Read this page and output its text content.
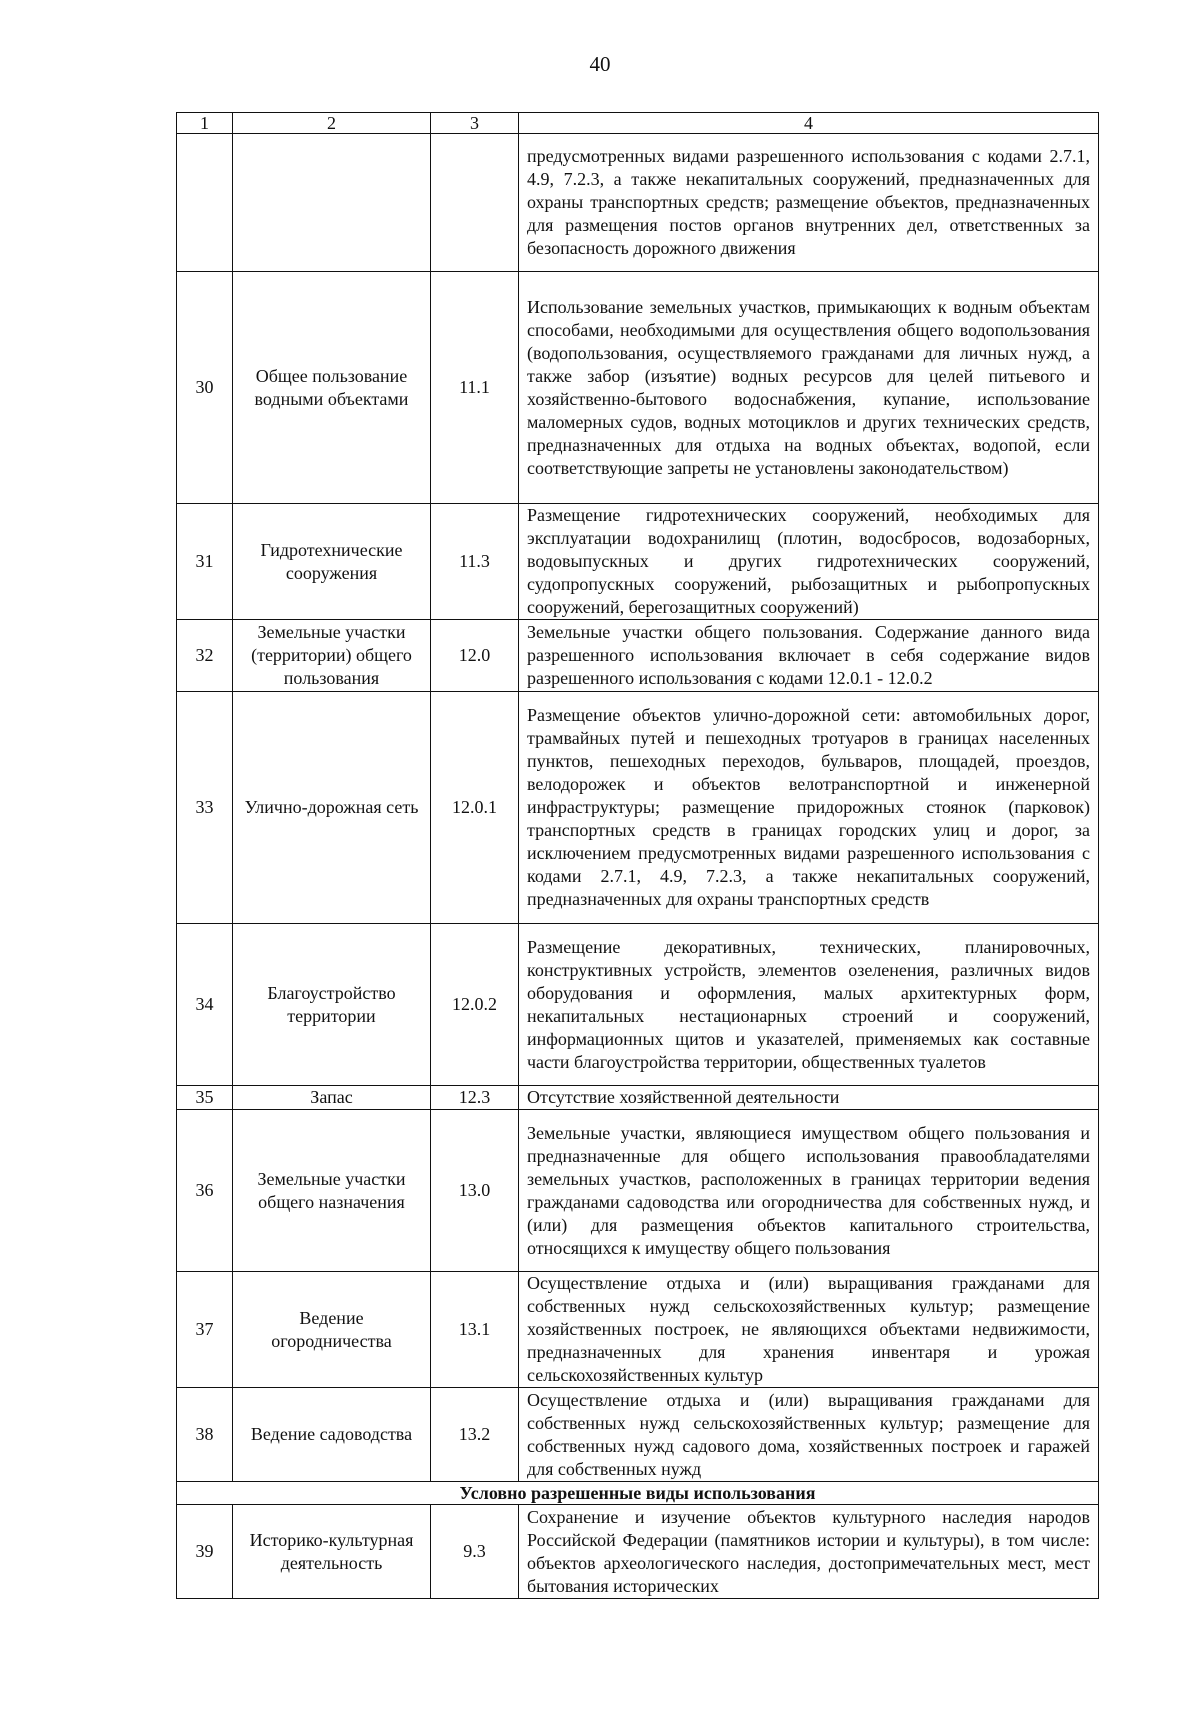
40
1	2	3	4
			предусмотренных видами разрешенного использования с кодами 2.7.1, 4.9, 7.2.3, а также некапитальных сооружений, предназначенных для охраны транспортных средств; размещение объектов, предназначенных для размещения постов органов внутренних дел, ответственных за безопасность дорожного движения
30	Общее пользование водными объектами	11.1	Использование земельных участков, примыкающих к водным объектам способами, необходимыми для осуществления общего водопользования (водопользования, осуществляемого гражданами для личных нужд, а также забор (изъятие) водных ресурсов для целей питьевого и хозяйственно-бытового водоснабжения, купание, использование маломерных судов, водных мотоциклов и других технических средств, предназначенных для отдыха на водных объектах, водопой, если соответствующие запреты не установлены законодательством)
31	Гидротехнические сооружения	11.3	Размещение гидротехнических сооружений, необходимых для эксплуатации водохранилищ (плотин, водосбросов, водозаборных, водовыпускных и других гидротехнических сооружений, судопропускных сооружений, рыбозащитных и рыбопропускных сооружений, берегозащитных сооружений)
32	Земельные участки (территории) общего пользования	12.0	Земельные участки общего пользования. Содержание данного вида разрешенного использования включает в себя содержание видов разрешенного использования с кодами 12.0.1 - 12.0.2
33	Улично-дорожная сеть	12.0.1	Размещение объектов улично-дорожной сети: автомобильных дорог, трамвайных путей и пешеходных тротуаров в границах населенных пунктов, пешеходных переходов, бульваров, площадей, проездов, велодорожек и объектов велотранспортной и инженерной инфраструктуры; размещение придорожных стоянок (парковок) транспортных средств в границах городских улиц и дорог, за исключением предусмотренных видами разрешенного использования с кодами 2.7.1, 4.9, 7.2.3, а также некапитальных сооружений, предназначенных для охраны транспортных средств
34	Благоустройство территории	12.0.2	Размещение декоративных, технических, планировочных, конструктивных устройств, элементов озеленения, различных видов оборудования и оформления, малых архитектурных форм, некапитальных нестационарных строений и сооружений, информационных щитов и указателей, применяемых как составные части благоустройства территории, общественных туалетов
35	Запас	12.3	Отсутствие хозяйственной деятельности
36	Земельные участки общего назначения	13.0	Земельные участки, являющиеся имуществом общего пользования и предназначенные для общего использования правообладателями земельных участков, расположенных в границах территории ведения гражданами садоводства или огородничества для собственных нужд, и (или) для размещения объектов капитального строительства, относящихся к имуществу общего пользования
37	Ведение огородничества	13.1	Осуществление отдыха и (или) выращивания гражданами для собственных нужд сельскохозяйственных культур; размещение хозяйственных построек, не являющихся объектами недвижимости, предназначенных для хранения инвентаря и урожая сельскохозяйственных культур
38	Ведение садоводства	13.2	Осуществление отдыха и (или) выращивания гражданами для собственных нужд сельскохозяйственных культур; размещение для собственных нужд садового дома, хозяйственных построек и гаражей для собственных нужд
Условно разрешенные виды использования			
39	Историко-культурная деятельность	9.3	Сохранение и изучение объектов культурного наследия народов Российской Федерации (памятников истории и культуры), в том числе: объектов археологического наследия, достопримечательных мест, мест бытования исторических
